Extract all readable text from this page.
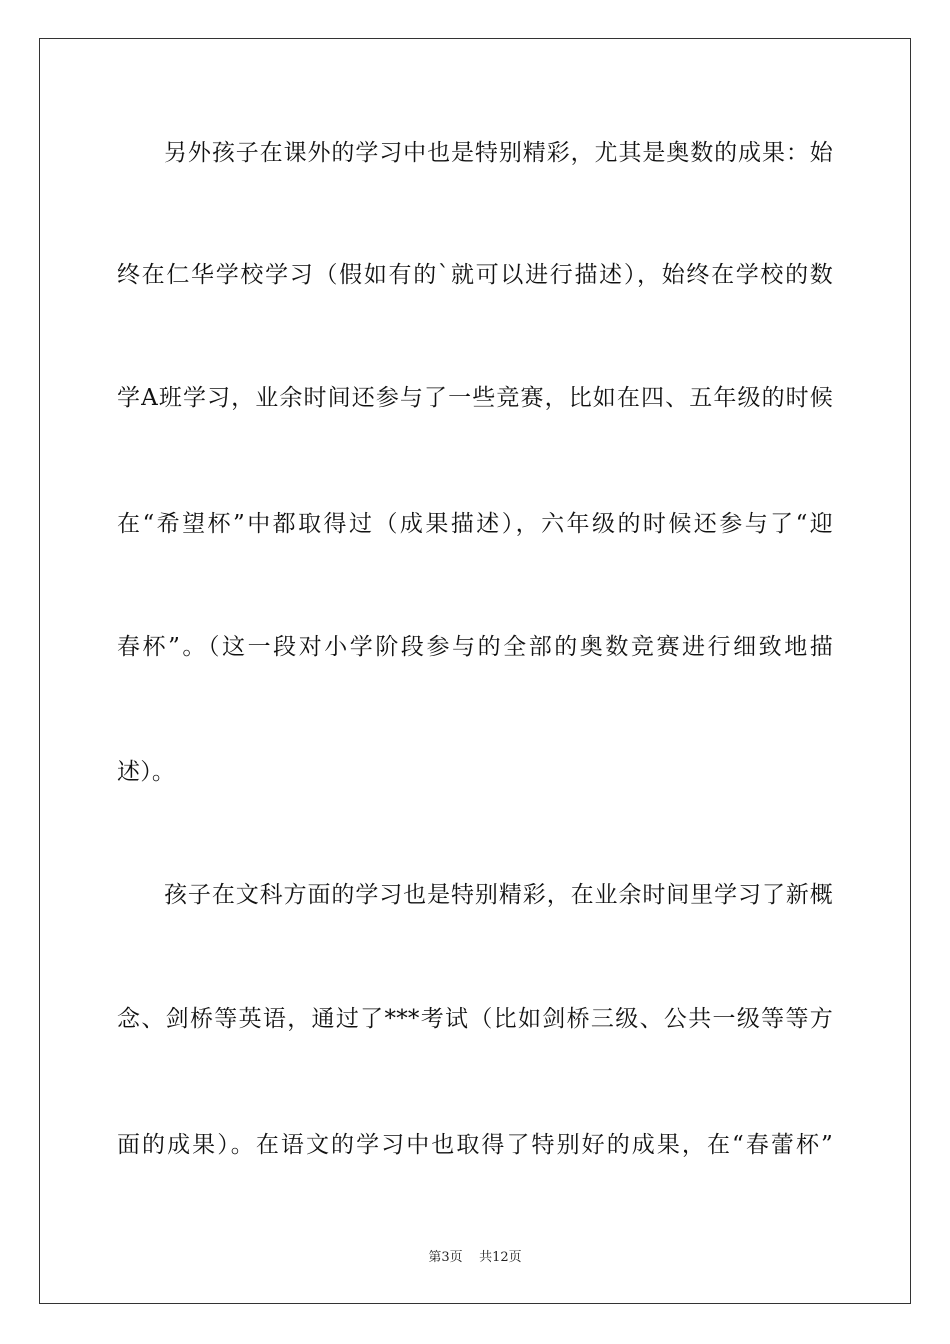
另外孩子在课外的学习中也是特别精彩，尤其是奥数的成果：始
终在仁华学校学习（假如有的`就可以进行描述），始终在学校的数
学A班学习，业余时间还参与了一些竞赛，比如在四、五年级的时候
在“希望杯”中都取得过（成果描述），六年级的时候还参与了“迎
春杯”。（这一段对小学阶段参与的全部的奥数竞赛进行细致地描
述）。
孩子在文科方面的学习也是特别精彩，在业余时间里学习了新概
念、剑桥等英语，通过了***考试（比如剑桥三级、公共一级等等方
面的成果）。在语文的学习中也取得了特别好的成果，在“春蕾杯”
第3页    共12页
